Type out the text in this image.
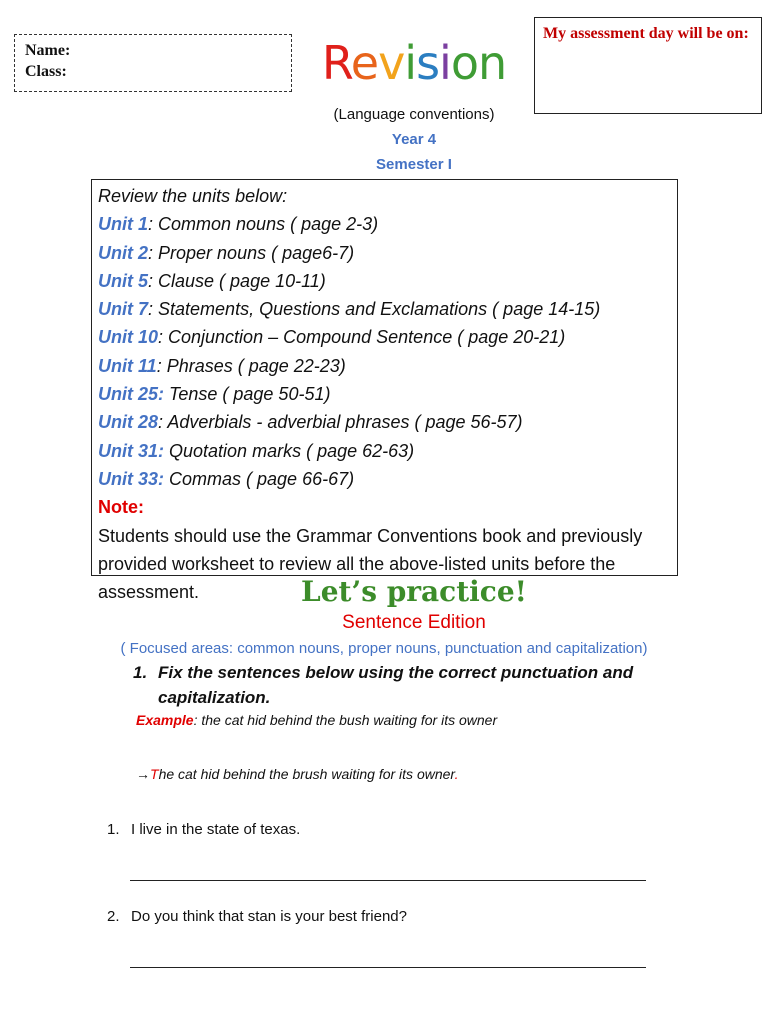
Name:
Class:	Revision
My assessment day will be on:
(Language conventions)
Year 4
Semester I
Review the units below:
Unit 1: Common nouns ( page 2-3)
Unit 2: Proper nouns ( page6-7)
Unit 5: Clause ( page 10-11)
Unit 7: Statements, Questions and Exclamations ( page 14-15)
Unit 10: Conjunction – Compound Sentence ( page 20-21)
Unit 11: Phrases ( page 22-23)
Unit 25: Tense ( page 50-51)
Unit 28: Adverbials - adverbial phrases ( page 56-57)
Unit 31: Quotation marks ( page 62-63)
Unit 33: Commas ( page 66-67)
Note:
Students should use the Grammar Conventions book and previously provided worksheet to review all the above-listed units before the assessment.	Let’s practice!
Sentence Edition
( Focused areas: common nouns, proper nouns, punctuation and capitalization)
1. Fix the sentences below using the correct punctuation and capitalization.
Example: the cat hid behind the bush waiting for its owner
→The cat hid behind the brush waiting for its owner.
1. I live in the state of texas.
2. Do you think that stan is your best friend?
